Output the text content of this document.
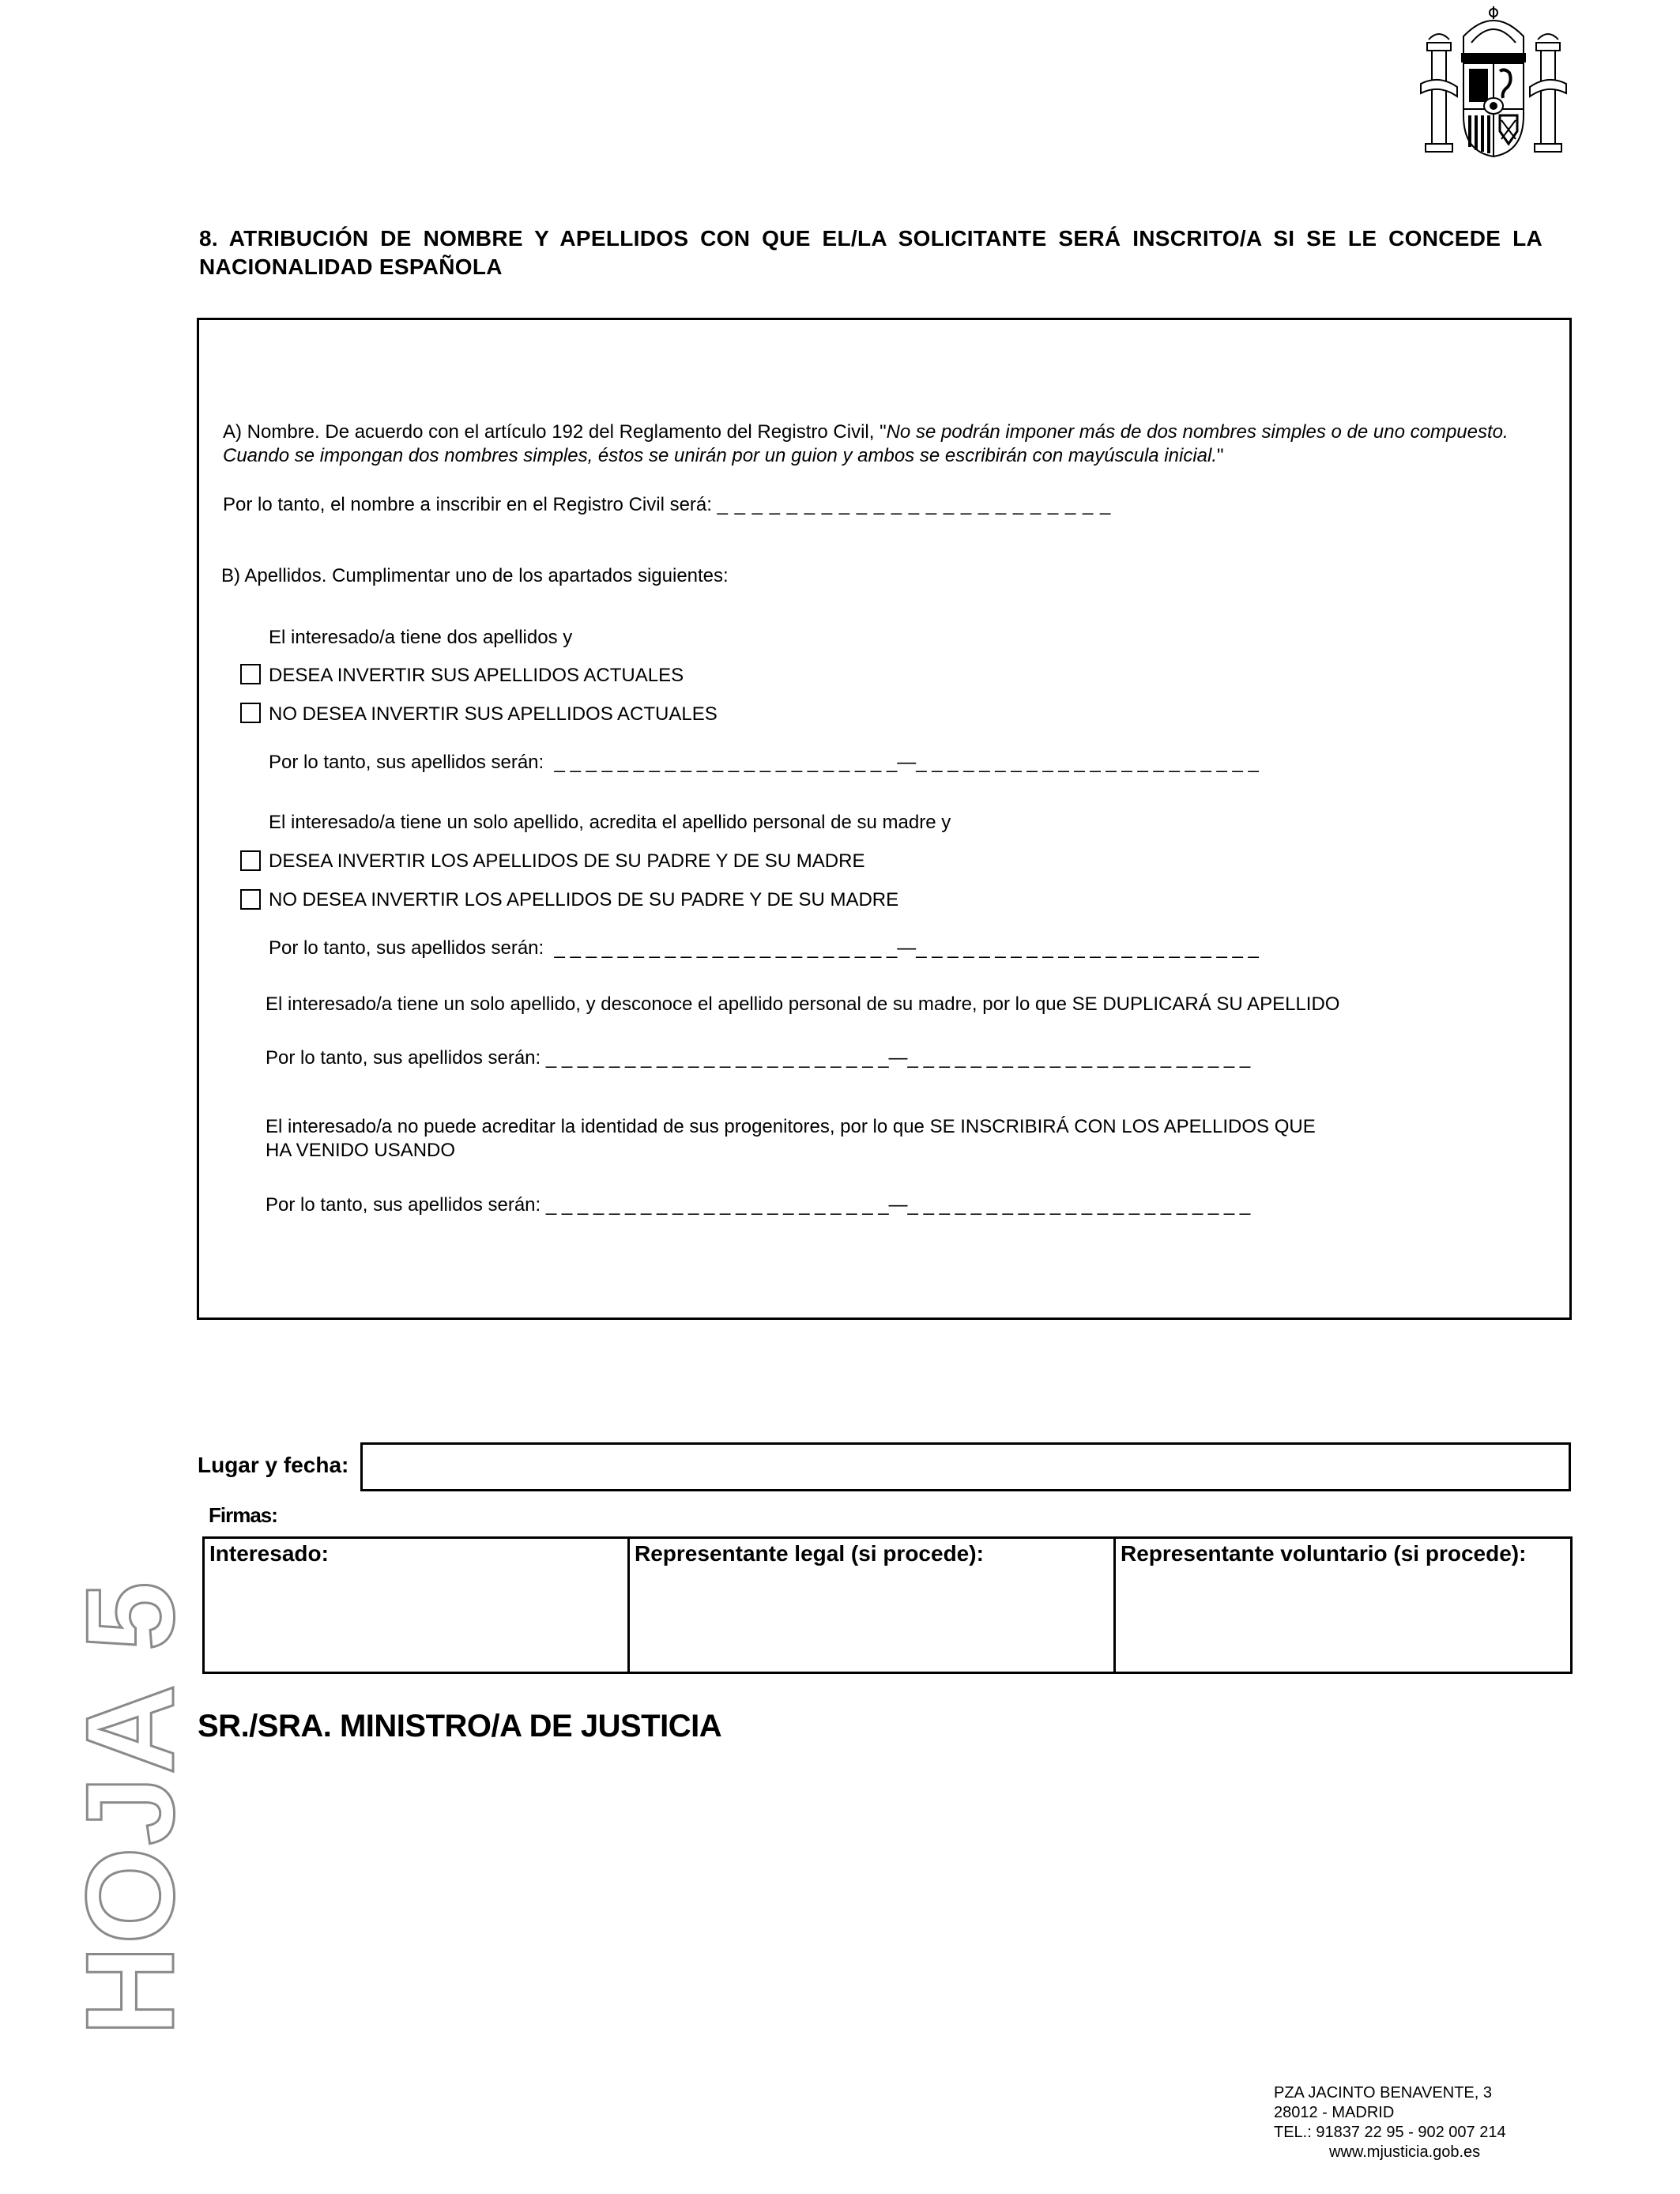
8. ATRIBUCIÓN DE NOMBRE Y APELLIDOS CON QUE EL/LA SOLICITANTE SERÁ INSCRITO/A SI SE LE CONCEDE LA
NACIONALIDAD ESPAÑOLA
A) Nombre. De acuerdo con el artículo 192 del Reglamento del Registro Civil, "No se podrán imponer más de dos nombres simples o de uno compuesto. Cuando se impongan dos nombres simples, éstos se unirán por un guion y ambos se escribirán con mayúscula inicial."
Por lo tanto, el nombre a inscribir en el Registro Civil será: _ _ _ _ _ _ _ _ _ _ _ _ _ _ _ _ _ _ _ _ _ _ _
B) Apellidos. Cumplimentar uno de los apartados siguientes:
El interesado/a tiene dos apellidos y
DESEA INVERTIR SUS APELLIDOS ACTUALES
NO DESEA INVERTIR SUS APELLIDOS ACTUALES
Por lo tanto, sus apellidos serán: _ _ _ _ _ _ _ _ _ _ _ _ _ _ _ _ _ _ _ _ _ _—_ _ _ _ _ _ _ _ _ _ _ _ _ _ _ _ _ _ _ _ _ _
El interesado/a tiene un solo apellido, acredita el apellido personal de su madre y
DESEA INVERTIR LOS APELLIDOS DE SU PADRE Y DE SU MADRE
NO DESEA INVERTIR LOS APELLIDOS DE SU PADRE Y DE SU MADRE
Por lo tanto, sus apellidos serán: _ _ _ _ _ _ _ _ _ _ _ _ _ _ _ _ _ _ _ _ _ _—_ _ _ _ _ _ _ _ _ _ _ _ _ _ _ _ _ _ _ _ _ _
El interesado/a tiene un solo apellido, y desconoce el apellido personal de su madre, por lo que SE DUPLICARÁ SU APELLIDO
Por lo tanto, sus apellidos serán: _ _ _ _ _ _ _ _ _ _ _ _ _ _ _ _ _ _ _ _ _ _—_ _ _ _ _ _ _ _ _ _ _ _ _ _ _ _ _ _ _ _ _ _
El interesado/a no puede acreditar la identidad de sus progenitores, por lo que SE INSCRIBIRÁ CON LOS APELLIDOS QUE
HA VENIDO USANDO
Por lo tanto, sus apellidos serán: _ _ _ _ _ _ _ _ _ _ _ _ _ _ _ _ _ _ _ _ _ _—_ _ _ _ _ _ _ _ _ _ _ _ _ _ _ _ _ _ _ _ _ _
Lugar y fecha:
Firmas:
Interesado:	Representante legal (si procede):	Representante voluntario (si procede):
SR./SRA. MINISTRO/A DE JUSTICIA
HOJA 5
PZA JACINTO BENAVENTE, 3
28012 - MADRID
TEL.: 91837 22 95 - 902 007 214
www.mjusticia.gob.es
